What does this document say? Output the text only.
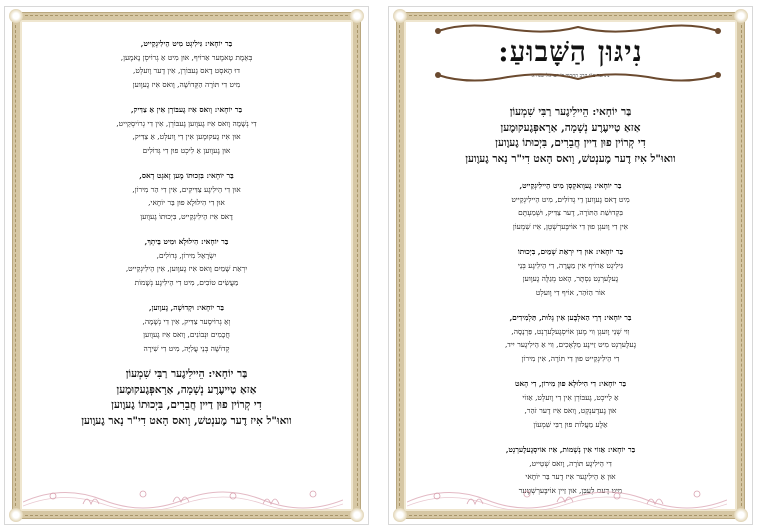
בַּר יוֹחָאי: גִּילִיגְט מִיט הֵילִיגְקֵייט,
בְּאֵמֶת טָאמֶער אַרוֹיף, אוּן מִיט אַ גְרוֹיסְן נָאמֶען,
דוּ הָאסְט דָאס גֶעבּוֹרְן, אִין דֶער וֶועלְט,
מִיט דִי תּוֹרָה הַקְּדוֹשָׁה, וָואס אִיז גֶעוֶוען
בַּר יוֹחָאי: וָואס אִיז גֶעבּוֹרְן אִין אַ צַדִּיק,
דִי נְשָׁמָה וָואס אִיז גֶעוֶוען גֶעבּוֹרְן, אִין דִי גְרוֹיסְקֵייט,
אוּן אִיז גֶעקוּמֶען אִין דִי וֶועלְט, אַ צַדִּיק,
אוּן גֶעוֶוען אַ לִיכְט פוּן דִי גְּדוֹלִים
בַּר יוֹחָאי: בִּזְכוּתוֹ מֶען זָאגְט דָאס,
אוּן דִי הֵילִיגֶע צַדִּיקִים, אִין דִי הַר מִירוֹן,
אוּן דִי הִילוּלָא פוּן בַּר יוֹחָאי,
דָאס אִיז הֵילִיגְקֵייט, בִּיְכוּתוֹ גֶעוֶוען
בַּר יוֹחָאי: הִילוּלָא וּמִיט בֵּיתְךָ,
יִשְׂרָאֵל מִירוֹן, גְּדוֹלִים,
יִרְאַת שָׁמַיִם וָואס אִיז גֶעוֶוען, אִין הֵילִיגְקֵייט,
מַעֲשִׂים טוֹבִים, מִיט דִי הֵילִיגֶע נְשָׁמוֹת
בַּר יוֹחָאי: וּקְדוּשָׁה, גֶעוֶוען,
וְאַ גְרוֹיסֶער צַדִּיק, אִין דִי נְשָׁמָה,
חֲכָמִים וּנְבוֹנִים, וָואס אִיז גֶעוֶוען
קְדוֹשָׁה בְּנֵי עֲלִיָּה, מִיט דִי שִׁירָה
בַּר יוֹחָאי: הֵיילִיגֶער רַבִּי שִׁמְעוֹן
אַזאַ טַייעֶרֶע נְשָׁמָה, אַרָאפְּגֶעקוּמֶען
דִי קְרוֹין פוּן דַיין חֲבֵרִים, בִּיְכוּתוֹ גֶעוֶוען
וואוּ"ל אִיז דֶער מֶענְטשׁ, וָואס הָאט דִי"ר נָאר גֶעוֶוען
נִיגּוּן הַשָּׁבוּעַ:
נתחבר ע"י הרב החסיד ר' ישראל שפירא
בַּר יוֹחָאי: הֵיילִיגֶער רַבִּי שִׁמְעוֹן
אַזאַ טַייעֶרֶע נְשָׁמָה, אַרָאפְּגֶעקוּמֶען
דִי קְרוֹין פוּן דַיין חֲבֵרִים, בִּיְכוּתוֹ גֶעוֶוען
וואוּ"ל אִיז דֶער מֶענְטשׁ, וָואס הָאט דִי"ר נָאר גֶעוֶוען
בַּר יוֹחָאי: גֶעוָואקְסְן מִיט הֵיילִיגְקֵייט,
מִיט דָאס גֶעוֶוען דֵי גְדוֹלִים, מִיט הֵיילִיגְקֵייט
בִּקְדוּשַׁת הַתּוֹרָה, דֶער צַדִּיק, וּשְׁמַעְתֶּם
אִין דִי וָועגְן פוּן דִי אוֹיבֶּערְשְׁטְן, אִיז שִׁמְעוֹן
בַּר יוֹחָאי: אוּן דִי יִרְאַת שָׁמַיִם, בִּיְכוּתוֹ
גִּילִיגְט אַרוֹיף אִין מַעֲרָה, דִי הֵילִיגֶע בְּנֵי
גֶעלֶערְנְט נִסְתָּר, הָאט מְגַלֶּה גֶעוֶוען
אוֹר הַזֹּהַר, אוֹיף דִי וֶועלְט
בַּר יוֹחָאי: דְּרֵי הַאלְבֶּען אִין גָלוּת, תַּלְמִידִים,
וִוי שְׁנֵי וָועגְן וִוי מֶען אוֹיסְגֶעלֶערְנְט, פַּרְנָסָה,
גֶעלֶערְנְט מִיט זַיינֶע מַלְאָכִים, וִוי אַ הֵילִיגֶער יִיד,
דִי הֵילִיגְקֵייט פוּן דִי תּוֹרָה, אִין מִירוֹן
בַּר יוֹחָאי: דִי הִילוּלָא פוּן מִירוֹן, דִי הָאט
אַ לַייכְט, גֶעבּוֹרְן אִין דִי וֶועלְט, אַזוֹי
אוּן גֶעדֶענְקְט, וָואס אִיז דֶער זֹהַר,
אַלֶע מַעֲלוֹת פוּן רַבִּי שִׁמְעוֹן
בַּר יוֹחָאי: אַזוֹי אִין נְשָׁמוֹת, אִיז אוֹיסְגֶעלֶערְנְט,
דִי הֵילִיגֶע תּוֹרָה, וָואס שְׁטֵייט,
אוּן אַ הֵילִיגֶער אִיז דֶער בַּר יוֹחָאי
מִיט דָעם לֶעבְּן, אוּן זַיין אוֹיבֶּערְשְׁטֶער
